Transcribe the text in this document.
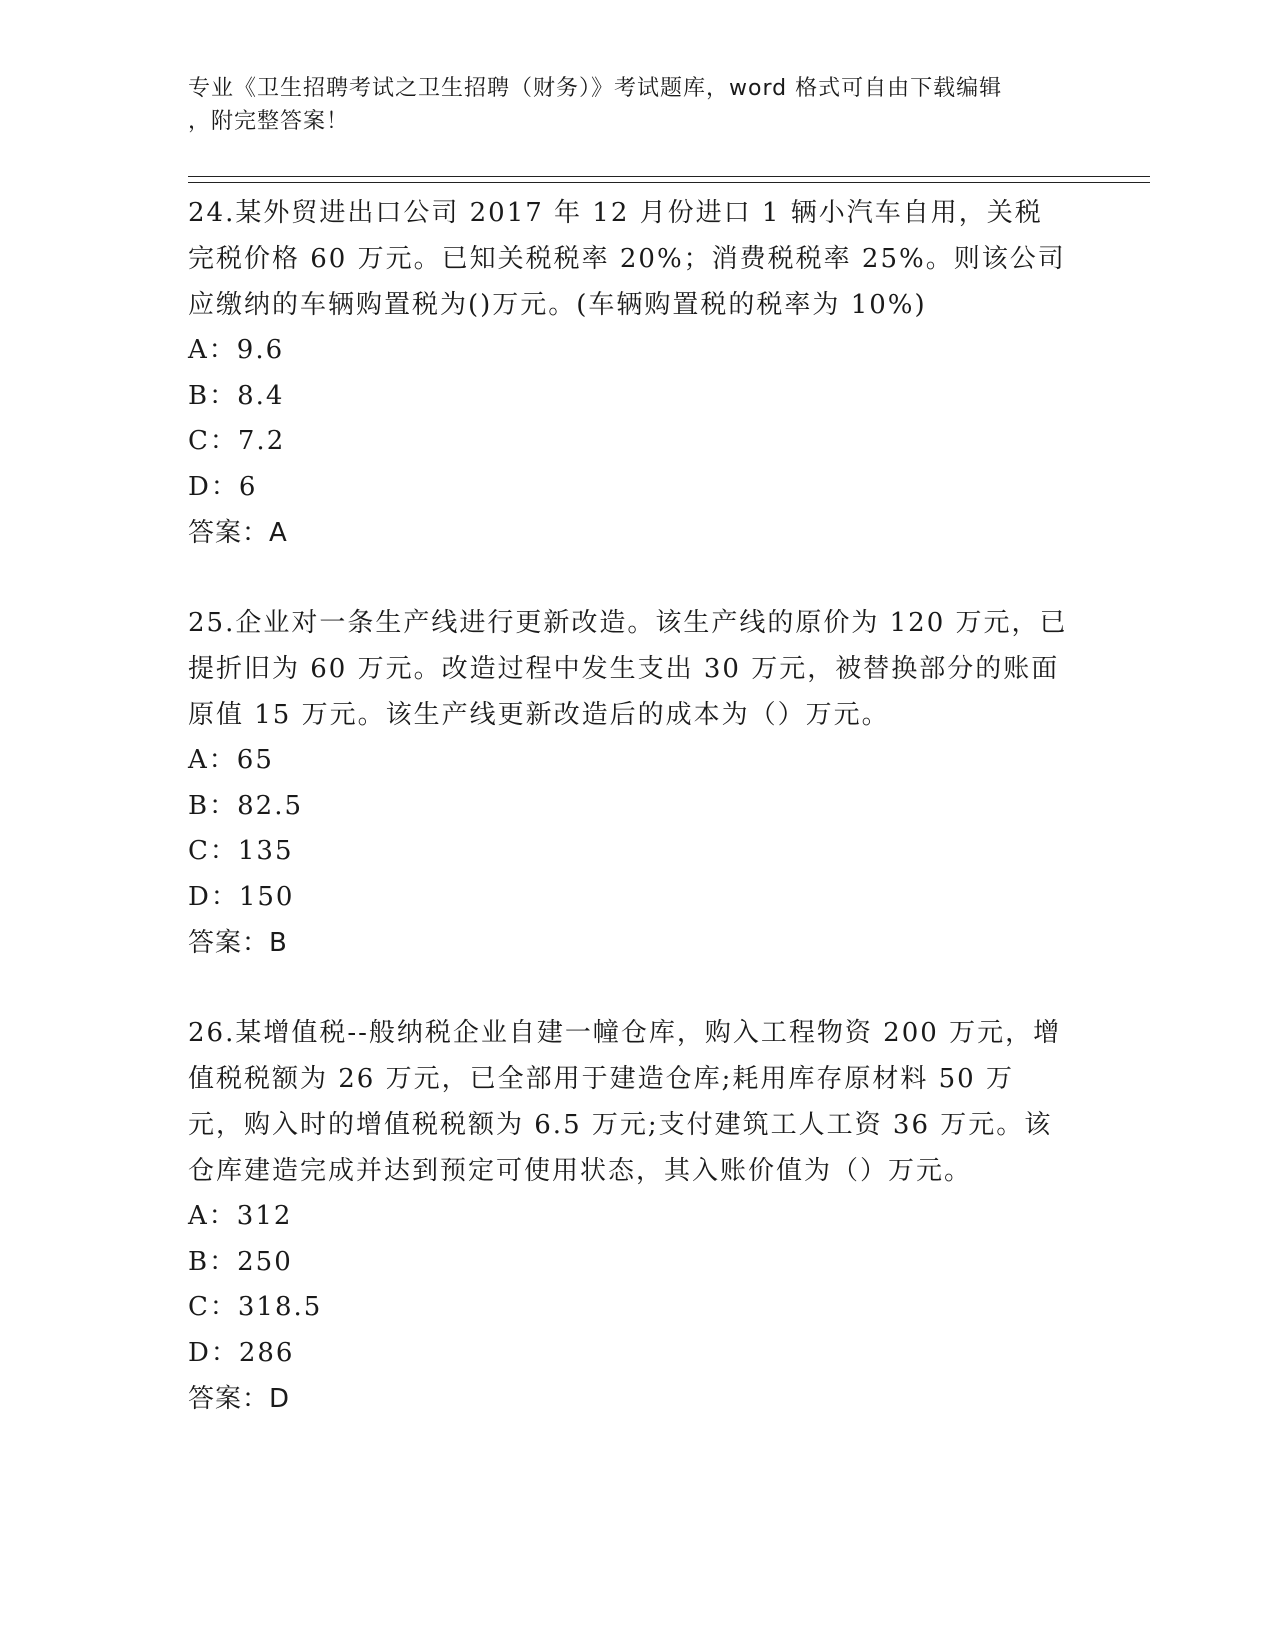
专业《卫生招聘考试之卫生招聘（财务）》考试题库，word 格式可自由下载编辑
，附完整答案！
24.某外贸进出口公司 2017 年 12 月份进口 1 辆小汽车自用，关税完税价格 60 万元。已知关税税率 20%；消费税税率 25%。则该公司应缴纳的车辆购置税为()万元。(车辆购置税的税率为 10%)
A：9.6
B：8.4
C：7.2
D：6
答案：A
25.企业对一条生产线进行更新改造。该生产线的原价为 120 万元，已提折旧为 60 万元。改造过程中发生支出 30 万元，被替换部分的账面原值 15 万元。该生产线更新改造后的成本为（）万元。
A：65
B：82.5
C：135
D：150
答案：B
26.某增值税--般纳税企业自建一幢仓库，购入工程物资 200 万元，增值税税额为 26 万元，已全部用于建造仓库;耗用库存原材料 50 万元，购入时的增值税税额为 6.5 万元;支付建筑工人工资 36 万元。该仓库建造完成并达到预定可使用状态，其入账价值为（）万元。
A：312
B：250
C：318.5
D：286
答案：D
